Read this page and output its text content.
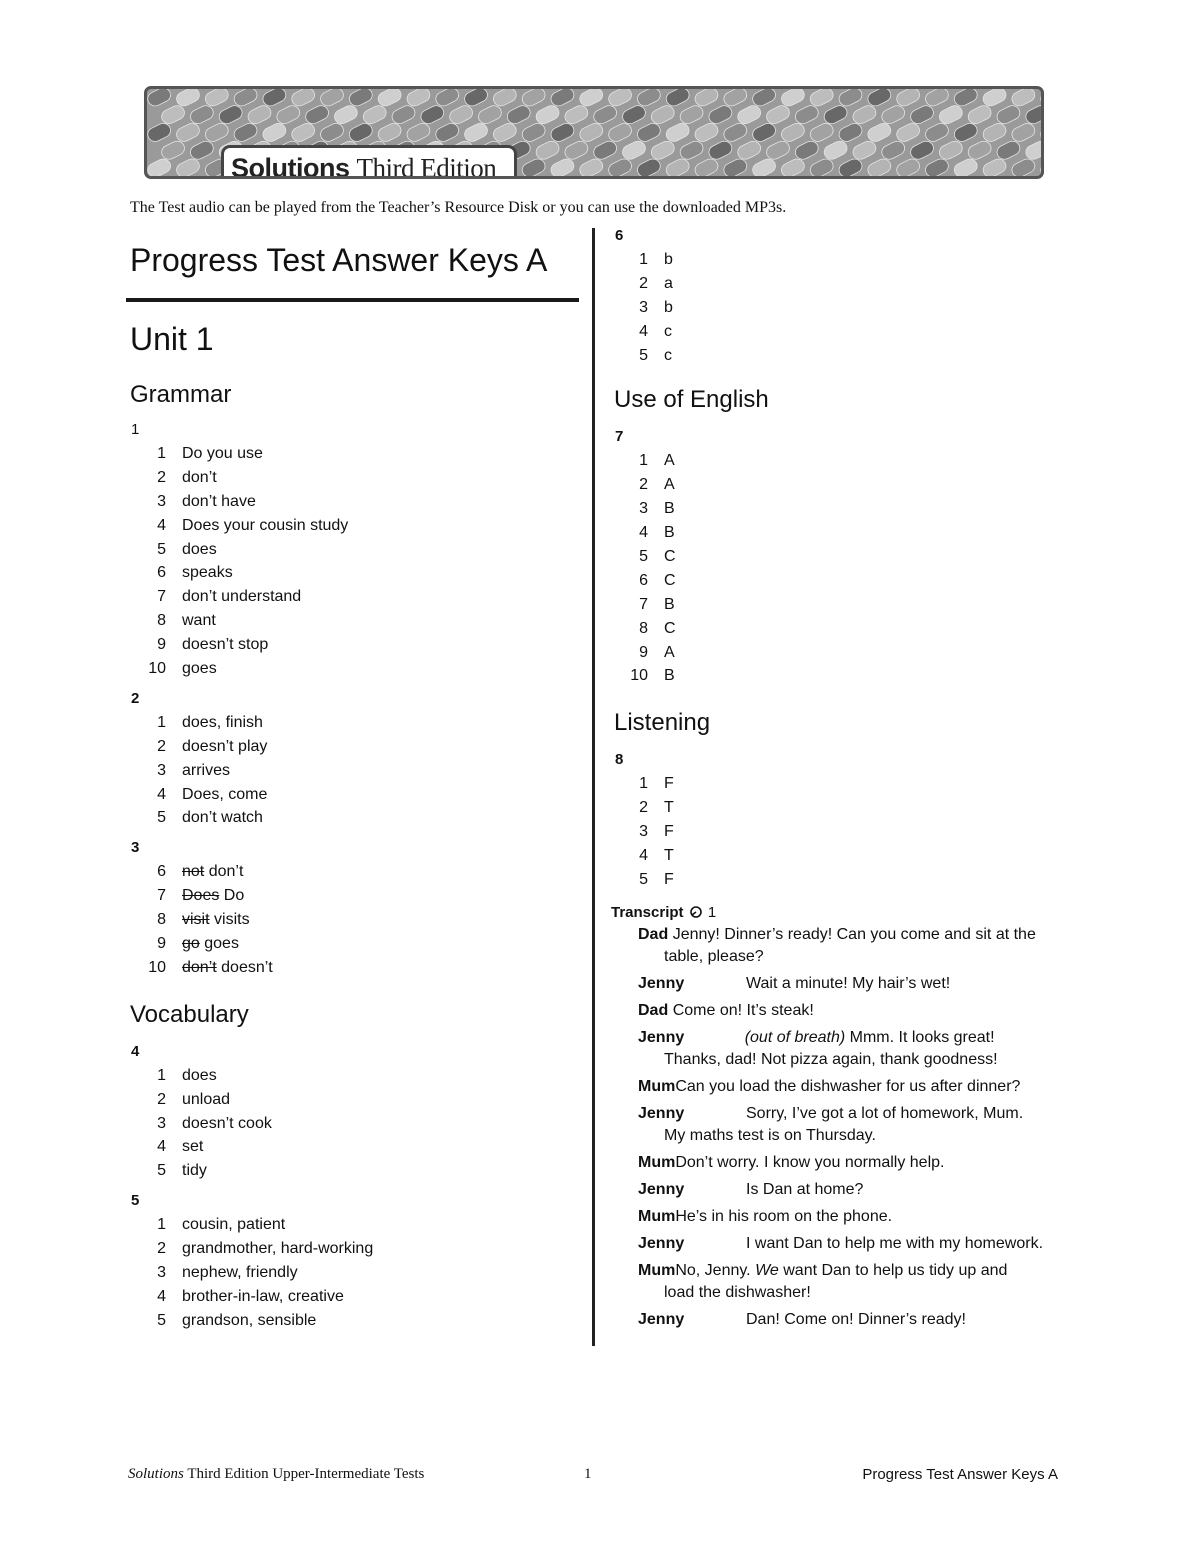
Solutions Third Edition
The Test audio can be played from the Teacher’s Resource Disk or you can use the downloaded MP3s.
Progress Test Answer Keys A
Unit 1
Grammar
1
1 Do you use
2 don’t
3 don’t have
4 Does your cousin study
5 does
6 speaks
7 don’t understand
8 want
9 doesn’t stop
10 goes
2
1 does, finish
2 doesn’t play
3 arrives
4 Does, come
5 don’t watch
3
6 not don’t
7 Does Do
8 visit visits
9 go goes
10 don’t doesn’t
Vocabulary
4
1 does
2 unload
3 doesn’t cook
4 set
5 tidy
5
1 cousin, patient
2 grandmother, hard-working
3 nephew, friendly
4 brother-in-law, creative
5 grandson, sensible
6
1 b
2 a
3 b
4 c
5 c
Use of English
7
1 A
2 A
3 B
4 B
5 C
6 C
7 B
8 C
9 A
10 B
Listening
8
1 F
2 T
3 F
4 T
5 F
Transcript 1
Dad Jenny! Dinner’s ready! Can you come and sit at the
table, please?
Jenny	Wait a minute! My hair’s wet!
Dad Come on! It’s steak!
Jenny	(out of breath) Mmm. It looks great!
Thanks, dad! Not pizza again, thank goodness!
MumCan you load the dishwasher for us after dinner?
Jenny	Sorry, I’ve got a lot of homework, Mum.
My maths test is on Thursday.
MumDon’t worry. I know you normally help.
Jenny	Is Dan at home?
MumHe’s in his room on the phone.
Jenny	I want Dan to help me with my homework.
MumNo, Jenny. We want Dan to help us tidy up and
load the dishwasher!
Jenny	Dan! Come on! Dinner’s ready!
Solutions Third Edition Upper-Intermediate Tests	1	Progress Test Answer Keys A
